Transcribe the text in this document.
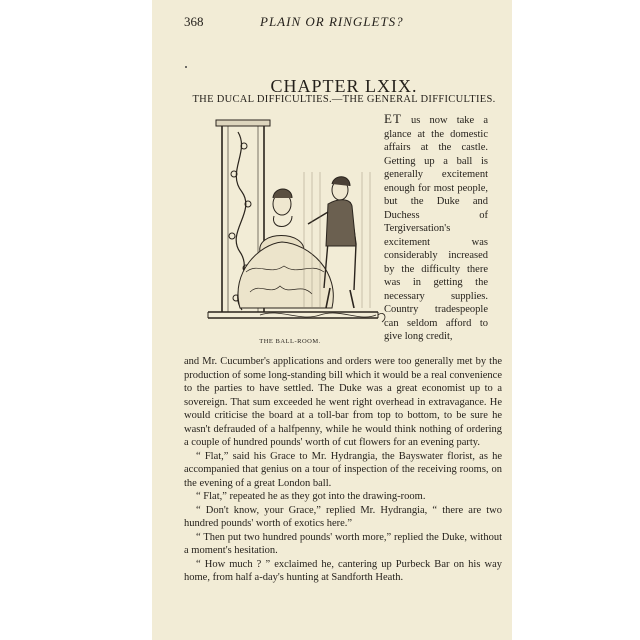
368	PLAIN OR RINGLETS?
CHAPTER LXIX.
THE DUCAL DIFFICULTIES.—THE GENERAL DIFFICULTIES.
THE BALL-ROOM.
ET us now take a glance at the domestic affairs at the castle. Getting up a ball is generally excitement enough for most people, but the Duke and Duchess of Tergiversation's excitement was considerably increased by the difficulty there was in getting the necessary supplies. Country tradespeople can seldom afford to give long credit,

and Mr. Cucumber's applications and orders were too generally met by the production of some long-standing bill which it would be a real convenience to the parties to have settled. The Duke was a great economist up to a sovereign. That sum exceeded he went right overhead in extravagance. He would criticise the board at a toll-bar from top to bottom, to be sure he wasn't defrauded of a halfpenny, while he would think nothing of ordering a couple of hundred pounds' worth of cut flowers for an evening party.

“ Flat,” said his Grace to Mr. Hydrangia, the Bayswater florist, as he accompanied that genius on a tour of inspection of the receiving rooms, on the evening of a great London ball.

“ Flat,” repeated he as they got into the drawing-room.

“ Don't know, your Grace,” replied Mr. Hydrangia, “ there are two hundred pounds' worth of exotics here.”

“ Then put two hundred pounds' worth more,” replied the Duke, without a moment's hesitation.

“ How much ? ” exclaimed he, cantering up Purbeck Bar on his way home, from half a-day's hunting at Sandforth Heath.
